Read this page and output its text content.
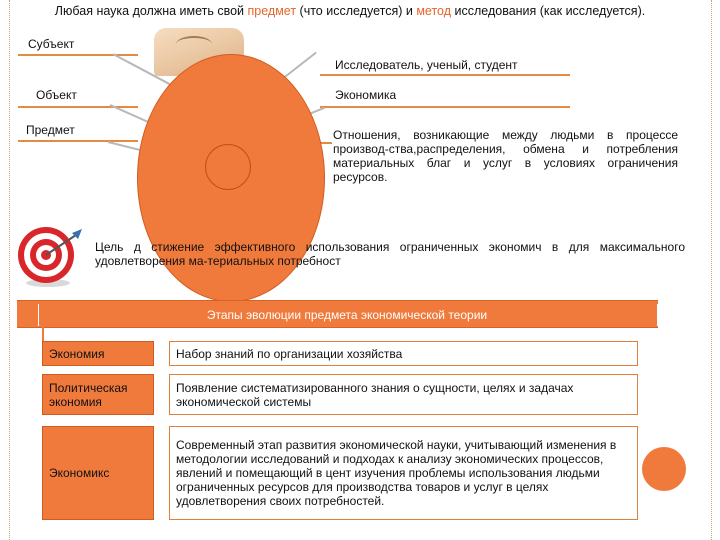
Любая наука должна иметь свой предмет (что исследуется) и метод исследования (как исследуется).
Субъект
Объект
Предмет
Исследователь, ученый, студент
Экономика
Отношения, возникающие между людьми в процессе производ-ства,распределения, обмена и потребления материальных благ и услуг в условиях ограничения ресурсов.
Цель д стижение эффективного использования ограниченных экономич в для максимального удовлетворения ма-териальных потребност
Этапы эволюции предмета экономической теории
Экономия	Набор знаний по организации хозяйства
Политическая экономия
Появление систематизированного знания о сущности, целях и задачах экономической системы
Экономикс
Современный этап развития экономической науки, учитывающий изменения в методологии исследований и подходах к анализу экономических процессов, явлений и помещающий в цент изучения проблемы использования людьми ограниченных ресурсов для производства товаров и услуг в целях удовлетворения своих потребностей.
